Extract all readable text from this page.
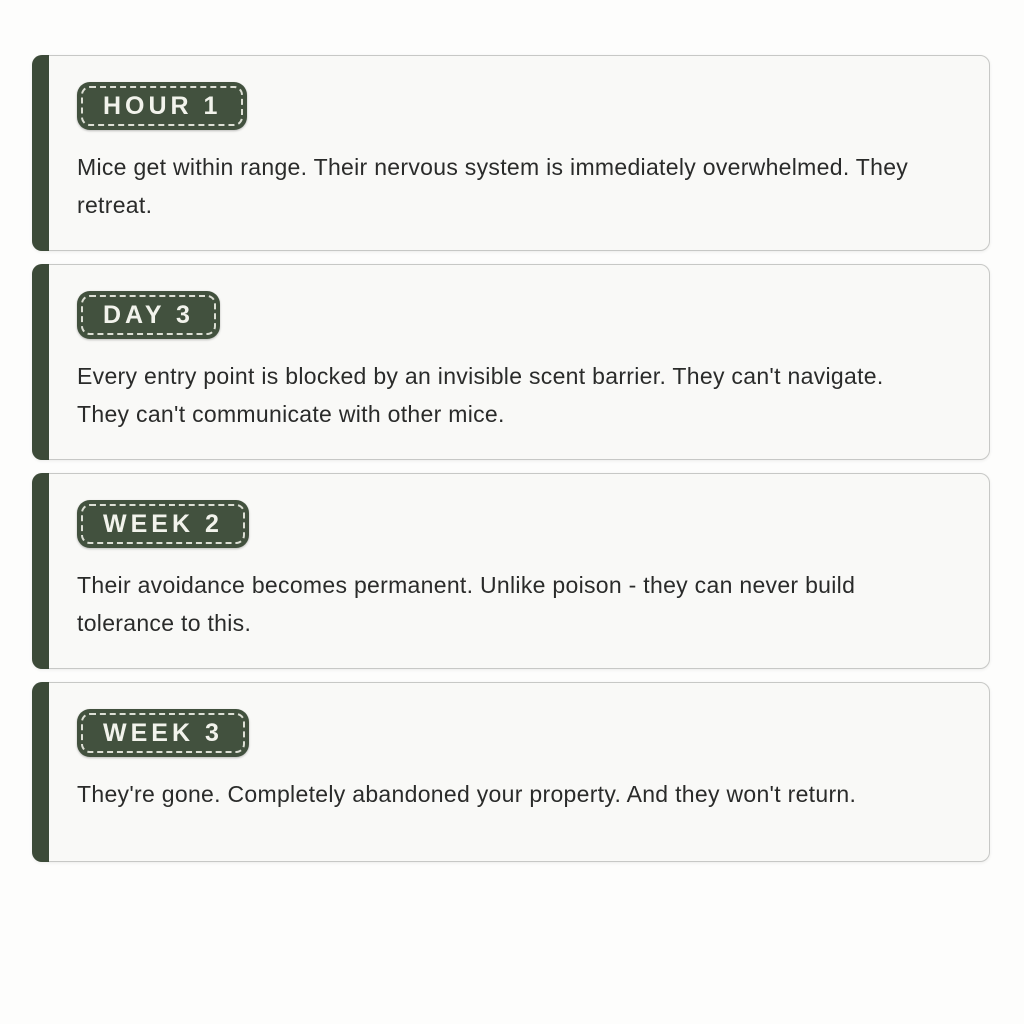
HOUR 1
Mice get within range. Their nervous system is immediately overwhelmed. They retreat.
DAY 3
Every entry point is blocked by an invisible scent barrier. They can't navigate. They can't communicate with other mice.
WEEK 2
Their avoidance becomes permanent. Unlike poison - they can never build tolerance to this.
WEEK 3
They're gone. Completely abandoned your property. And they won't return.
